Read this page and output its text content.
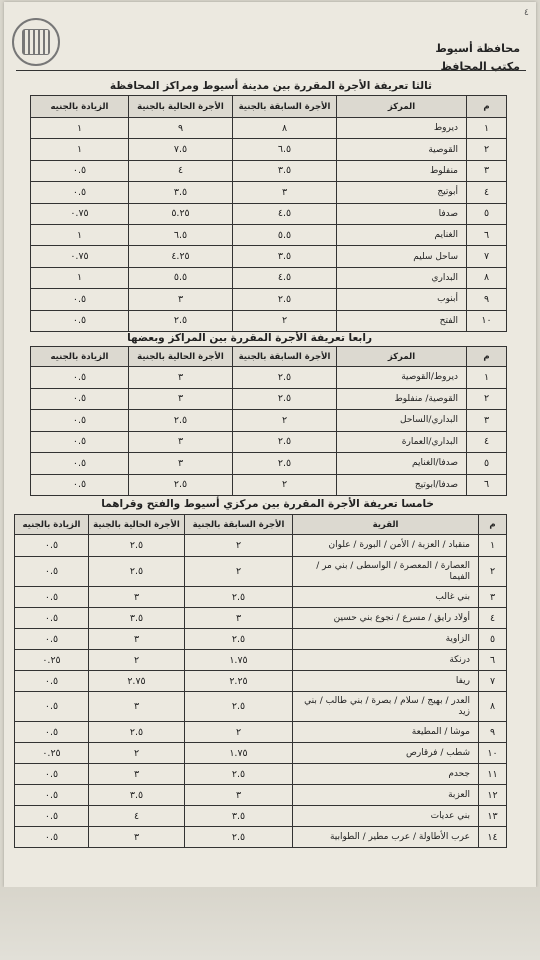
٤
محافظة أسيوط
مكتب المحافظ
ثالثا تعريفة الأجرة المقررة بين مدينة أسيوط ومراكز المحافظة
م	المركز	الأجرة السابقة بالجنية	الأجرة الحالية بالجنية	الزيادة بالجنيه
١	ديروط	٨	٩	١
٢	القوصية	٦.٥	٧.٥	١
٣	منفلوط	٣.٥	٤	٠.٥
٤	أبوتيج	٣	٣.٥	٠.٥
٥	صدفا	٤.٥	٥.٢٥	٠.٧٥
٦	الغنايم	٥.٥	٦.٥	١
٧	ساحل سليم	٣.٥	٤.٢٥	٠.٧٥
٨	البداري	٤.٥	٥.٥	١
٩	أبنوب	٢.٥	٣	٠.٥
١٠	الفتح	٢	٢.٥	٠.٥
رابعا تعريفة الأجرة المقررة بين المراكز وبعضها
م	المركز	الأجرة السابقة بالجنية	الأجرة الحالية بالجنية	الزيادة بالجنيه
١	ديروط/القوصية	٢.٥	٣	٠.٥
٢	القوصية/ منفلوط	٢.٥	٣	٠.٥
٣	البداري/الساحل	٢	٢.٥	٠.٥
٤	البداري/العمارة	٢.٥	٣	٠.٥
٥	صدفا/الغنايم	٢.٥	٣	٠.٥
٦	صدفا/ابوتيج	٢	٢.٥	٠.٥
خامسا تعريفة الأجرة المقررة بين مركزي أسيوط والفتح وقراهما
م	القرية	الأجرة السابقة بالجنية	الأجرة الحالية بالجنية	الزيادة بالجنيه
١	منقباد / العزبة / الأمن / البورة / علوان	٢	٢.٥	٠.٥
٢	العصارة / المعصرة / الواسطى / بني مر / الفيما	٢	٢.٥	٠.٥
٣	بني غالب	٢.٥	٣	٠.٥
٤	أولاد رايق / مسرع / نجوع بني حسين	٣	٣.٥	٠.٥
٥	الزاوية	٢.٥	٣	٠.٥
٦	درنكة	١.٧٥	٢	٠.٢٥
٧	ريفا	٢.٢٥	٢.٧٥	٠.٥
٨	العدر / بهيج / سلام / بصرة / بني طالب / بني زيد	٢.٥	٣	٠.٥
٩	موشا / المطيعة	٢	٢.٥	٠.٥
١٠	شطب / فرقارص	١.٧٥	٢	٠.٢٥
١١	جحدم	٢.٥	٣	٠.٥
١٢	العزبة	٣	٣.٥	٠.٥
١٣	بني عديات	٣.٥	٤	٠.٥
١٤	عرب الأطاولة / عرب مطير / الطوابية	٢.٥	٣	٠.٥
